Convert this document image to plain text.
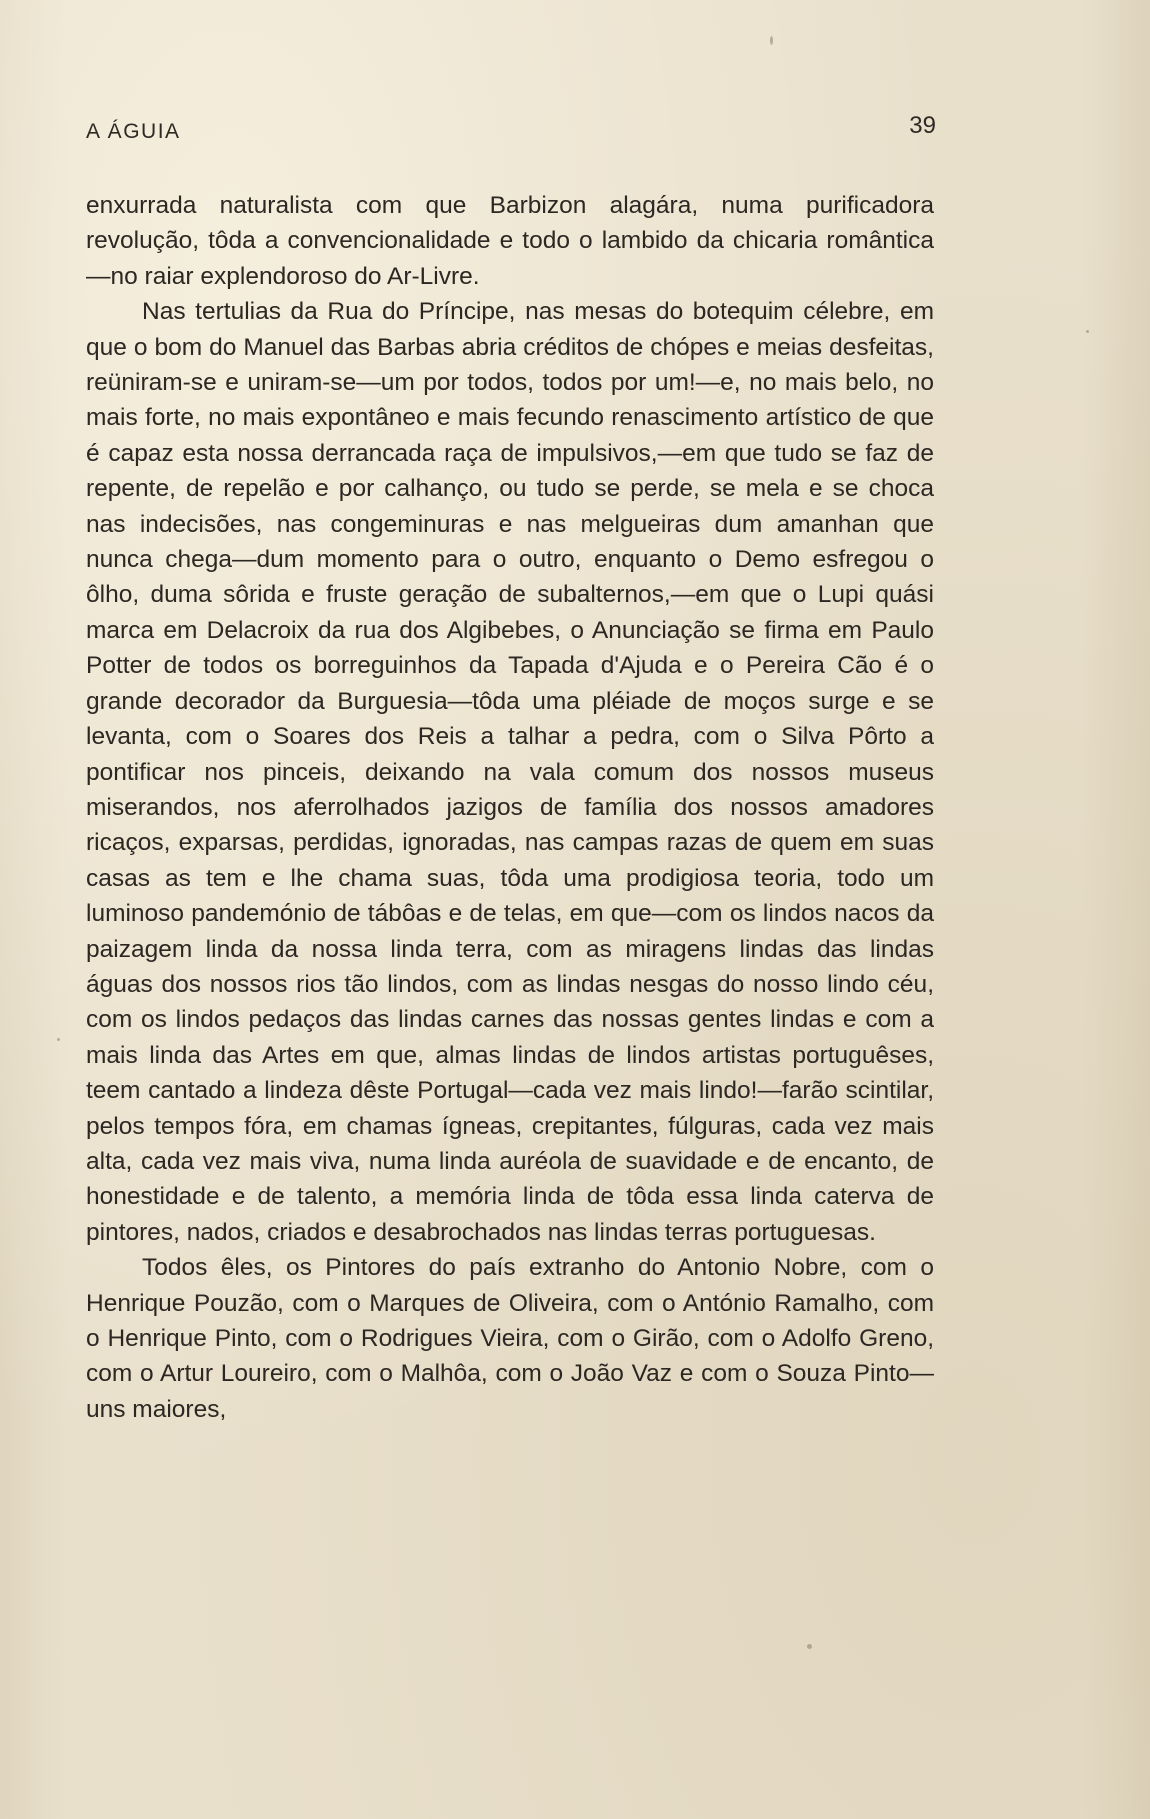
A ÁGUIA	39

enxurrada naturalista com que Barbizon alagára, numa purificadora revolução, tôda a convencionalidade e todo o lambido da chicaria romântica—no raiar explendoroso do Ar-Livre.

Nas tertulias da Rua do Príncipe, nas mesas do botequim célebre, em que o bom do Manuel das Barbas abria créditos de chópes e meias desfeitas, reüniram-se e uniram-se—um por todos, todos por um!—e, no mais belo, no mais forte, no mais expontâneo e mais fecundo renascimento artístico de que é capaz esta nossa derrancada raça de impulsivos,—em que tudo se faz de repente, de repelão e por calhanço, ou tudo se perde, se mela e se choca nas indecisões, nas congeminuras e nas melgueiras dum amanhan que nunca chega—dum momento para o outro, enquanto o Demo esfregou o ôlho, duma sôrida e fruste geração de subalternos,—em que o Lupi quási marca em Delacroix da rua dos Algibebes, o Anunciação se firma em Paulo Potter de todos os borreguinhos da Tapada d'Ajuda e o Pereira Cão é o grande decorador da Burguesia—tôda uma pléiade de moços surge e se levanta, com o Soares dos Reis a talhar a pedra, com o Silva Pôrto a pontificar nos pinceis, deixando na vala comum dos nossos museus miserandos, nos aferrolhados jazigos de família dos nossos amadores ricaços, exparsas, perdidas, ignoradas, nas campas razas de quem em suas casas as tem e lhe chama suas, tôda uma prodigiosa teoria, todo um luminoso pandemónio de tábôas e de telas, em que—com os lindos nacos da paizagem linda da nossa linda terra, com as miragens lindas das lindas águas dos nossos rios tão lindos, com as lindas nesgas do nosso lindo céu, com os lindos pedaços das lindas carnes das nossas gentes lindas e com a mais linda das Artes em que, almas lindas de lindos artistas portuguêses, teem cantado a lindeza dêste Portugal—cada vez mais lindo!—farão scintilar, pelos tempos fóra, em chamas ígneas, crepitantes, fúlguras, cada vez mais alta, cada vez mais viva, numa linda auréola de suavidade e de encanto, de honestidade e de talento, a memória linda de tôda essa linda caterva de pintores, nados, criados e desabrochados nas lindas terras portuguesas.

Todos êles, os Pintores do país extranho do Antonio Nobre, com o Henrique Pouzão, com o Marques de Oliveira, com o António Ramalho, com o Henrique Pinto, com o Rodrigues Vieira, com o Girão, com o Adolfo Greno, com o Artur Loureiro, com o Malhôa, com o João Vaz e com o Souza Pinto—uns maiores,
